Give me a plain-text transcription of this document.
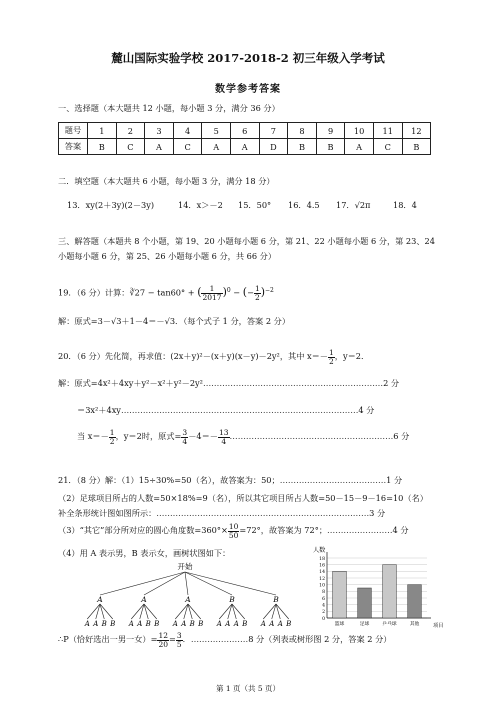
麓山国际实验学校 2017-2018-2 初三年级入学考试
数学参考答案
一、选择题（本大题共 12 小题，每小题 3 分，满分 36 分）
题号	1	2	3	4	5	6	7	8	9	10	11	12
答案	B	C	A	C	A	A	D	B	B	A	C	B
二．填空题（本大题共 6 小题，每小题 3 分，满分 18 分）
13．xy(2＋3y)(2－3y)	14．x＞－2 15．50° 16．4.5 17．√2π	18．4
三、解答题（本题共 8 个小题，第 19、20 小题每小题 6 分，第 21、22 小题每小题 6 分，第 23、24
小题每小题 6 分，第 25、26 小题每小题 6 分，共 66 分）
19．（6 分）计算：∛27 − tan60° + ( $\frac{1}{2017} )^0$ − (− $\frac{1}{2} )^{-2}$
解：原式=3－√3＋1－4＝－√3．（每个式子 1 分，答案 2 分）
20．（6 分）先化简，再求值：(2x＋y)²－(x＋y)(x－y)－2y²，其中 $x=- \frac{1}{2}$ ，y＝2．
解：原式=4x²＋4xy＋y²－x²＋y²－2y²…………………………………………………………2 分
＝3x²＋4xy……………………………………………………………………………4 分
当 $x=- \frac{1}{2}$ ，y＝2时，原式= $\frac{3}{4} -4=- \frac{13}{4}$ ……………………………………………………6 分
21．（8 分）解：（1）15÷30%=50（名），故答案为：50；…………………………………1 分
（2）足球项目所占的人数=50×18%=9（名），所以其它项目所占人数=50－15－9－16=10（名）
补全条形统计图如图所示：……………………………………………………………………3 分
（3）“其它”部分所对应的圆心角度数$=360^\circ\times \frac{10}{50} =72^\circ$，故答案为 72°；……………………4 分
（4）用 A 表示男，B 表示女，画树状图如下：
开始
A
A A B B
A
A A B B
A
A A B B
B
A A A B
B
A A A B
0
2
4
6
8
10
12
14
16
18
人数
项目
篮球	足球	乒乓球	其他
∴P（恰好选出一男一女）= $\frac{12}{20} = \frac{3}{5}$ ．…………………8 分（列表或树形图 2 分，答案 2 分）
第 1 页（共 5 页）
